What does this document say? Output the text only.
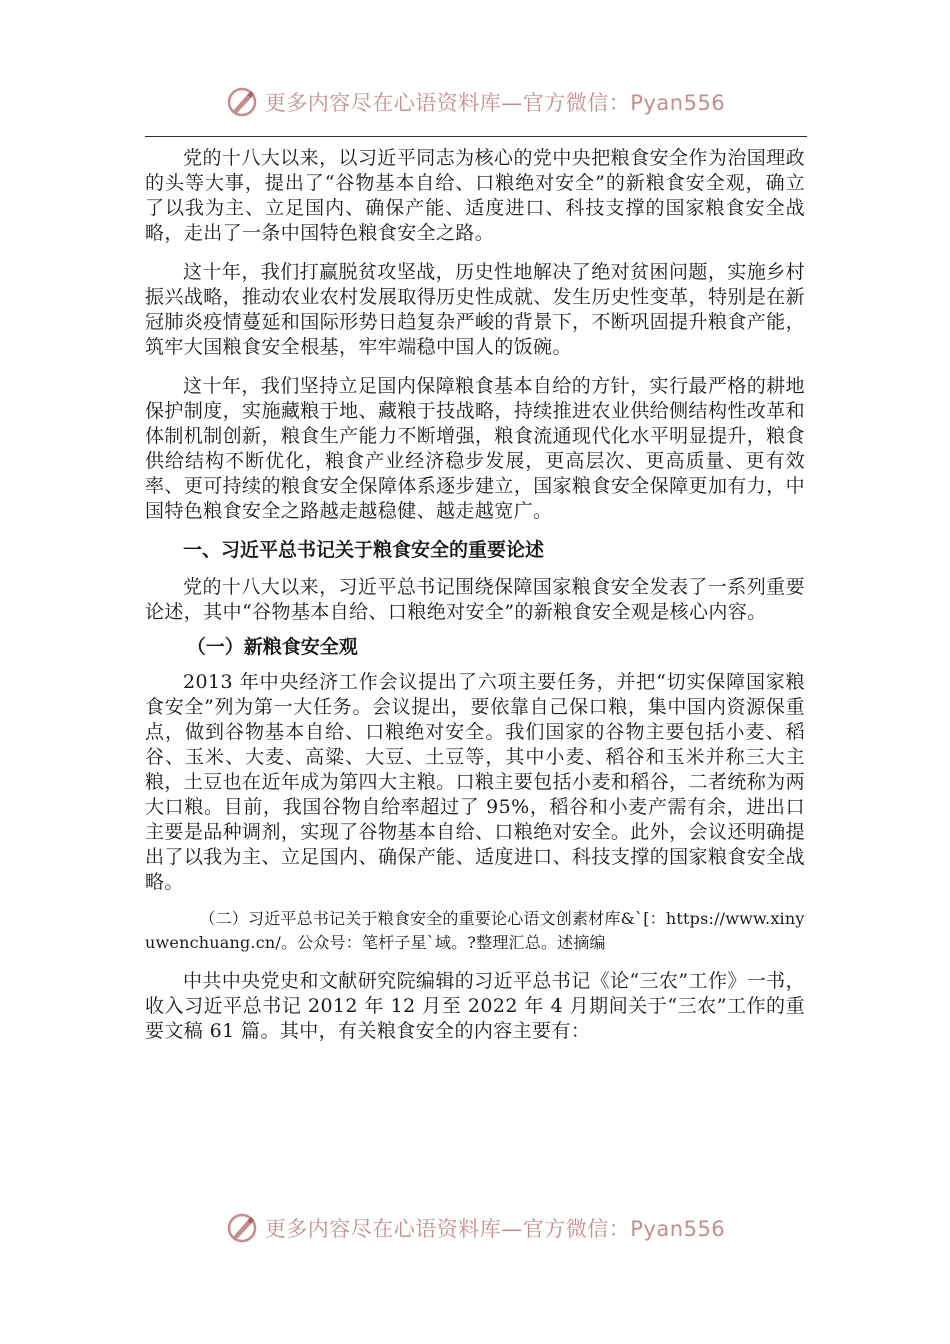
更多内容尽在心语资料库—官方微信：Pyan556

党的十八大以来，以习近平同志为核心的党中央把粮食安全作为治国理政的头等大事，提出了“谷物基本自给、口粮绝对安全”的新粮食安全观，确立了以我为主、立足国内、确保产能、适度进口、科技支撑的国家粮食安全战略，走出了一条中国特色粮食安全之路。

这十年，我们打赢脱贫攻坚战，历史性地解决了绝对贫困问题，实施乡村振兴战略，推动农业农村发展取得历史性成就、发生历史性变革，特别是在新冠肺炎疫情蔓延和国际形势日趋复杂严峻的背景下，不断巩固提升粮食产能，筑牢大国粮食安全根基，牢牢端稳中国人的饭碗。

这十年，我们坚持立足国内保障粮食基本自给的方针，实行最严格的耕地保护制度，实施藏粮于地、藏粮于技战略，持续推进农业供给侧结构性改革和体制机制创新，粮食生产能力不断增强，粮食流通现代化水平明显提升，粮食供给结构不断优化，粮食产业经济稳步发展，更高层次、更高质量、更有效率、更可持续的粮食安全保障体系逐步建立，国家粮食安全保障更加有力，中国特色粮食安全之路越走越稳健、越走越宽广。

一、习近平总书记关于粮食安全的重要论述

党的十八大以来，习近平总书记围绕保障国家粮食安全发表了一系列重要论述，其中“谷物基本自给、口粮绝对安全”的新粮食安全观是核心内容。

（一）新粮食安全观

2013 年中央经济工作会议提出了六项主要任务，并把“切实保障国家粮食安全”列为第一大任务。会议提出，要依靠自己保口粮，集中国内资源保重点，做到谷物基本自给、口粮绝对安全。我们国家的谷物主要包括小麦、稻谷、玉米、大麦、高粱、大豆、土豆等，其中小麦、稻谷和玉米并称三大主粮，土豆也在近年成为第四大主粮。口粮主要包括小麦和稻谷，二者统称为两大口粮。目前，我国谷物自给率超过了 95%，稻谷和小麦产需有余，进出口主要是品种调剂，实现了谷物基本自给、口粮绝对安全。此外，会议还明确提出了以我为主、立足国内、确保产能、适度进口、科技支撑的国家粮食安全战略。

（二）习近平总书记关于粮食安全的重要论心语文创素材库&`[：https://www.xinyuwenchuang.cn/。公众号：笔杆子星`域。?整理汇总。述摘编

中共中央党史和文献研究院编辑的习近平总书记《论“三农”工作》一书，收入习近平总书记 2012 年 12 月至 2022 年 4 月期间关于“三农”工作的重要文稿 61 篇。其中，有关粮食安全的内容主要有：

更多内容尽在心语资料库—官方微信：Pyan556
